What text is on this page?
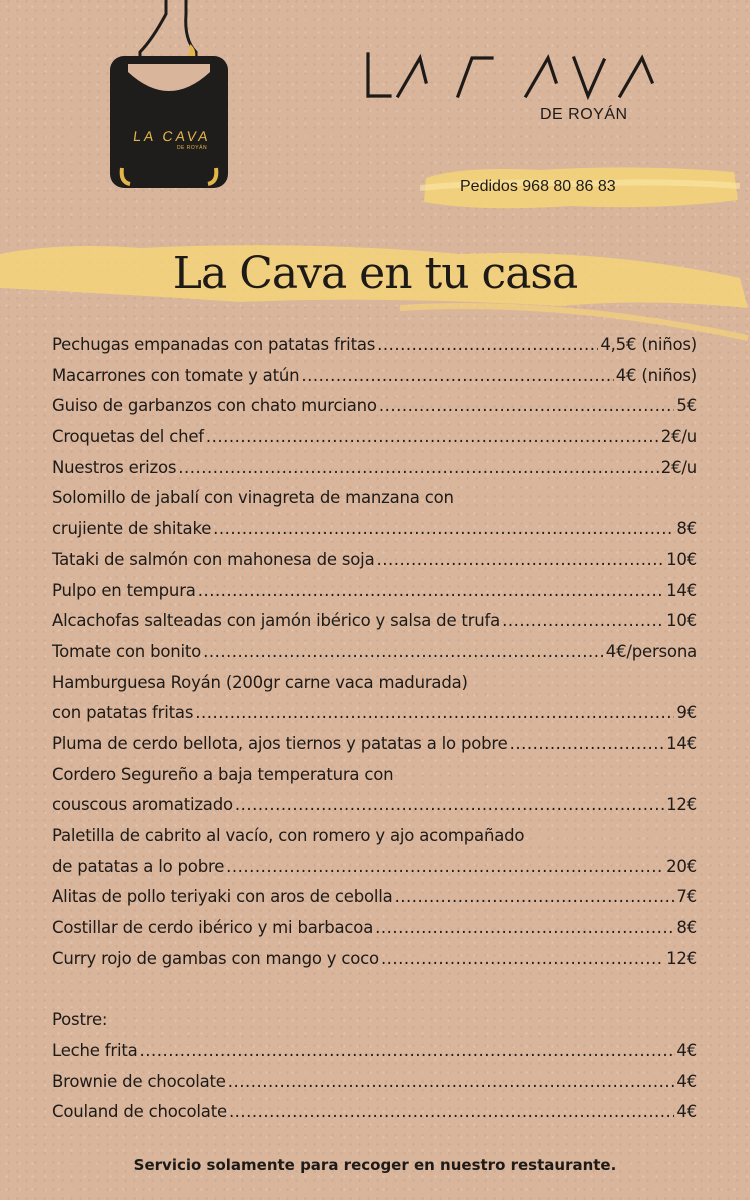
LA CAVA
DE ROYÁN
LA CAVA
DE ROYÁN
Pedidos 968 80 86 83
La Cava en tu casa
Pechugas empanadas con patatas fritas .....	4,5€ (niños)
Macarrones con tomate y atún .....	4€ (niños)
Guiso de garbanzos con chato murciano .....	5€
Croquetas del chef .....	2€/u
Nuestros erizos .....	2€/u
Solomillo de jabalí con vinagreta de manzana con
crujiente de shitake .....	8€
Tataki de salmón con mahonesa de soja .....	10€
Pulpo en tempura .....	14€
Alcachofas salteadas con jamón ibérico y salsa de trufa .....	10€
Tomate con bonito .....	4€/persona
Hamburguesa Royán (200gr carne vaca madurada)
con patatas fritas .....	9€
Pluma de cerdo bellota, ajos tiernos y patatas a lo pobre .....	14€
Cordero Segureño a baja temperatura con
couscous aromatizado .....	12€
Paletilla de cabrito al vacío, con romero y ajo acompañado
de patatas a lo pobre .....	20€
Alitas de pollo teriyaki con aros de cebolla .....	7€
Costillar de cerdo ibérico y mi barbacoa .....	8€
Curry rojo de gambas con mango y coco .....	12€
Postre:
Leche frita .....	4€
Brownie de chocolate .....	4€
Couland de chocolate .....	4€
Servicio solamente para recoger en nuestro restaurante.
